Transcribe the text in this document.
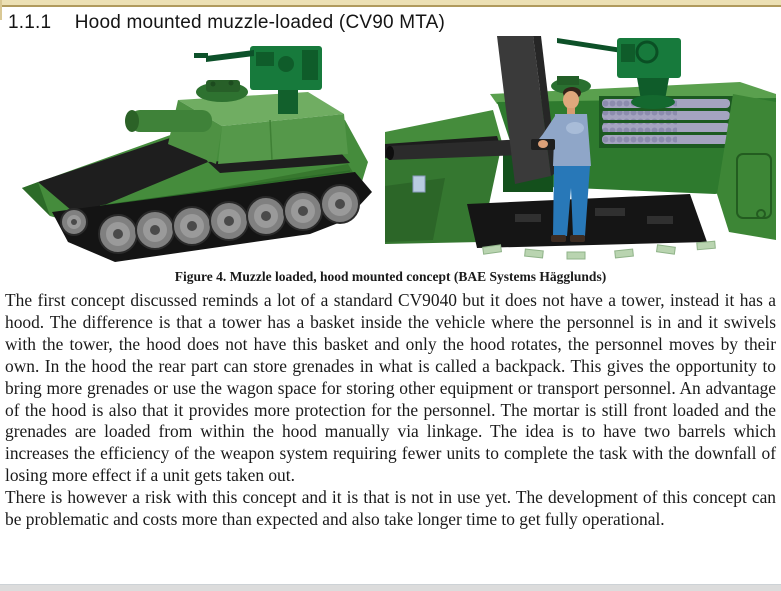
1.1.1 Hood mounted muzzle-loaded (CV90 MTA)
Figure 4. Muzzle loaded, hood mounted concept (BAE Systems Hägglunds)

The first concept discussed reminds a lot of a standard CV9040 but it does not have a tower, instead it has a hood. The difference is that a tower has a basket inside the vehicle where the personnel is in and it swivels with the tower, the hood does not have this basket and only the hood rotates, the personnel moves by their own. In the hood the rear part can store grenades in what is called a backpack. This gives the opportunity to bring more grenades or use the wagon space for storing other equipment or transport personnel. An advantage of the hood is also that it provides more protection for the personnel. The mortar is still front loaded and the grenades are loaded from within the hood manually via linkage. The idea is to have two barrels which increases the efficiency of the weapon system requiring fewer units to complete the task with the downfall of losing more effect if a unit gets taken out.

There is however a risk with this concept and it is that is not in use yet. The development of this concept can be problematic and costs more than expected and also take longer time to get fully operational.
